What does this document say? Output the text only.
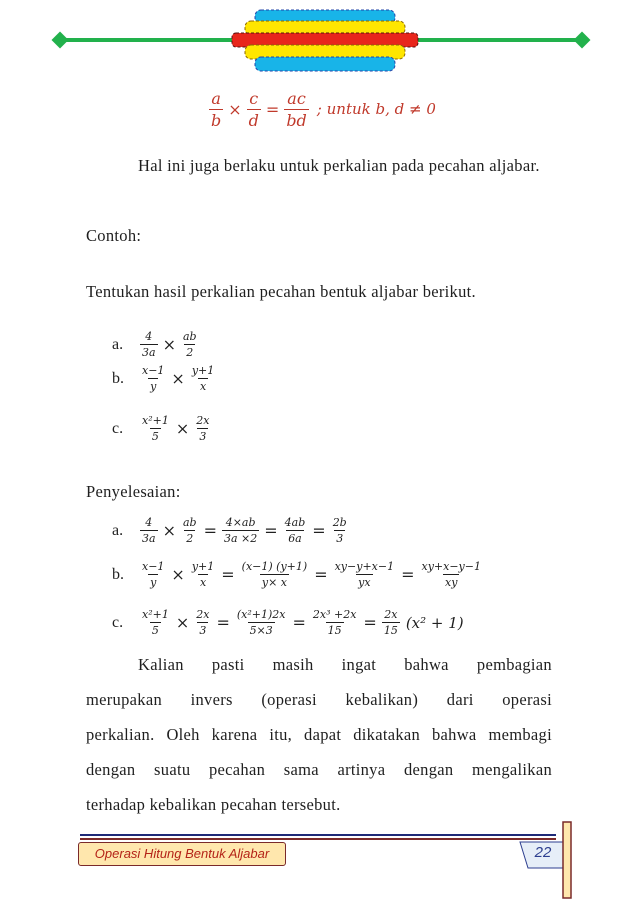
$\frac{a}{b} \times \frac{c}{d} = \frac{ac}{bd}$ ; untuk b, d ≠ 0
Hal ini juga berlaku untuk perkalian pada pecahan aljabar.
Contoh:
Tentukan hasil perkalian pecahan bentuk aljabar berikut.
a.	$\frac{4}{3a} \times \frac{ab}{2}$
b.	$\frac{x-1}{y} \times \frac{y+1}{x}$
c.	$\frac{\text{x²+1}}{5} \times \frac{2x}{3}$
Penyelesaian:
a.	$\frac{4}{3a} \times \frac{ab}{2} = \frac{4\times ab}{3a \times 2} = \frac{4ab}{6a} = \frac{2b}{3}$
b.	$\frac{x-1}{y} \times \frac{y+1}{x} = \frac{(x-1) (y+1)}{y\times x} = \frac{xy-y+x-1}{yx} = \frac{xy+x-y-1}{xy}$
c.	$\frac{\text{x²+1}}{5} \times \frac{2x}{3} = \frac{\text{(x²+1)2x}}{5\times 3} = \frac{\text{2x³ +2x}}{15} = \frac{2x}{15} (x^2 + 1)$
Kalian pasti masih ingat bahwa pembagian
merupakan invers (operasi kebalikan) dari operasi
perkalian. Oleh karena itu, dapat dikatakan bahwa membagi
dengan suatu pecahan sama artinya dengan mengalikan
terhadap kebalikan pecahan tersebut.
Operasi Hitung Bentuk Aljabar	22
